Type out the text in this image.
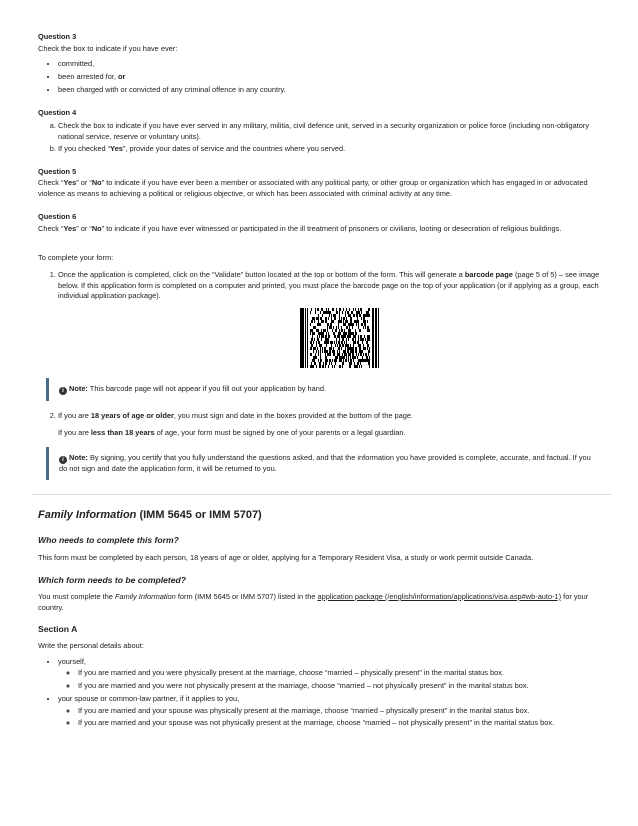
Question 3

Check the box to indicate if you have ever:

• committed,
• been arrested for, or
• been charged with or convicted of any criminal offence in any country.

Question 4

a. Check the box to indicate if you have ever served in any military, militia, civil defence unit, served in a security organization or police force (including non-obligatory national service, reserve or voluntary units).
b. If you checked “Yes”, provide your dates of service and the countries where you served.

Question 5

Check “Yes” or “No” to indicate if you have ever been a member or associated with any political party, or other group or organization which has engaged in or advocated violence as means to achieving a political or religious objective, or which has been associated with criminal activity at any time.

Question 6

Check “Yes” or “No” to indicate if you have ever witnessed or participated in the ill treatment of prisoners or civilians, looting or desecration of religious buildings.

To complete your form:

1. Once the application is completed, click on the “Validate” button located at the top or bottom of the form. This will generate a barcode page (page 5 of 5) – see image below. If this application form is completed on a computer and printed, you must place the barcode page on the top of your application (or if applying as a group, each individual application package).
i Note: This barcode page will not appear if you fill out your application by hand.
2. If you are 18 years of age or older, you must sign and date in the boxes provided at the bottom of the page.

If you are less than 18 years of age, your form must be signed by one of your parents or a legal guardian.

i Note: By signing, you certify that you fully understand the questions asked, and that the information you have provided is complete, accurate, and factual. If you do not sign and date the application form, it will be returned to you.
Family Information (IMM 5645 or IMM 5707)
Who needs to complete this form?

This form must be completed by each person, 18 years of age or older, applying for a Temporary Resident Visa, a study or work permit outside Canada.

Which form needs to be completed?

You must complete the Family Information form (IMM 5645 or IMM 5707) listed in the application package (/english/information/applications/visa.asp#wb-auto-1) for your country.

Section A

Write the personal details about:

• yourself,
◦ If you are married and you were physically present at the marriage, choose “married – physically present” in the marital status box.
◦ If you are married and you were not physically present at the marriage, choose “married – not physically present” in the marital status box.
• your spouse or common-law partner, if it applies to you,
◦ If you are married and your spouse was physically present at the marriage, choose “married – physically present” in the marital status box.
◦ If you are married and your spouse was not physically present at the marriage, choose “married – not physically present” in the marital status box.
